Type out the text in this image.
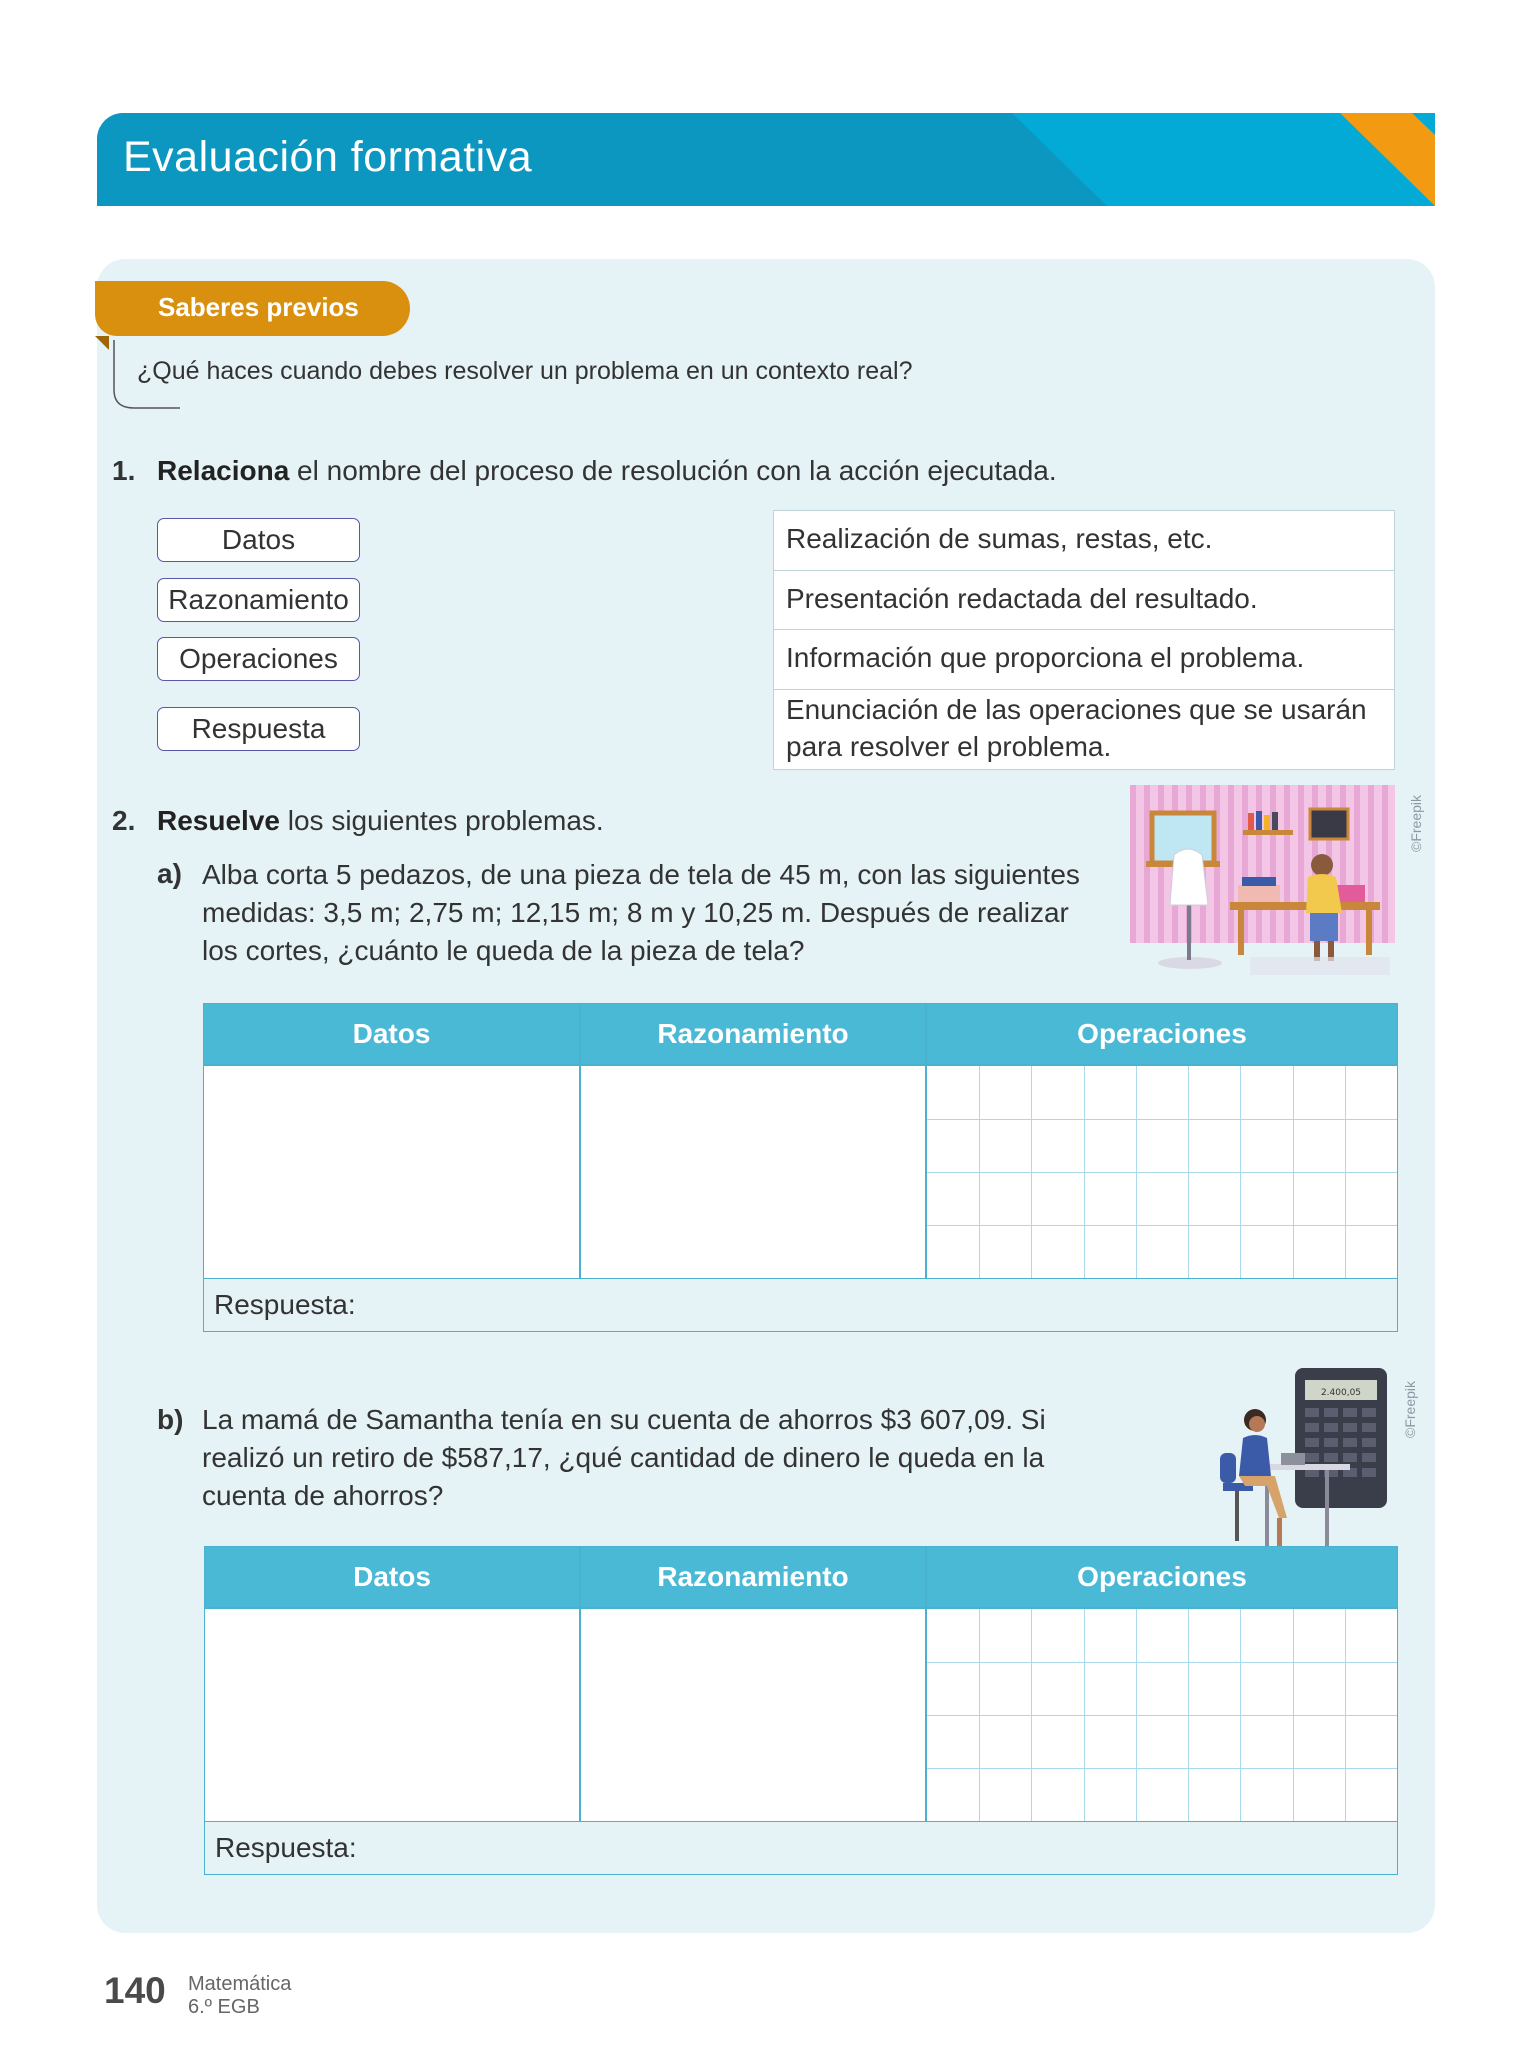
Evaluación formativa
DUA
Acción y expresión
Saberes previos
¿Qué haces cuando debes resolver un problema en un contexto real?
1. Relaciona el nombre del proceso de resolución con la acción ejecutada.
Datos
Razonamiento
Operaciones
Respuesta
Realización de sumas, restas, etc.
Presentación redactada del resultado.
Información que proporciona el problema.
Enunciación de las operaciones que se usarán
para resolver el problema.
2. Resuelve los siguientes problemas.
a) Alba corta 5 pedazos, de una pieza de tela de 45 m, con las siguientes
medidas: 3,5 m; 2,75 m; 12,15 m; 8 m y 10,25 m. Después de realizar
los cortes, ¿cuánto le queda de la pieza de tela?
©Freepik
Datos	Razonamiento	Operaciones
Respuesta:
b) La mamá de Samantha tenía en su cuenta de ahorros $3 607,09. Si
realizó un retiro de $587,17, ¿qué cantidad de dinero le queda en la
cuenta de ahorros?
2.400,05	©Freepik
Datos	Razonamiento	Operaciones
Respuesta:
140 Matemática
6.º EGB
